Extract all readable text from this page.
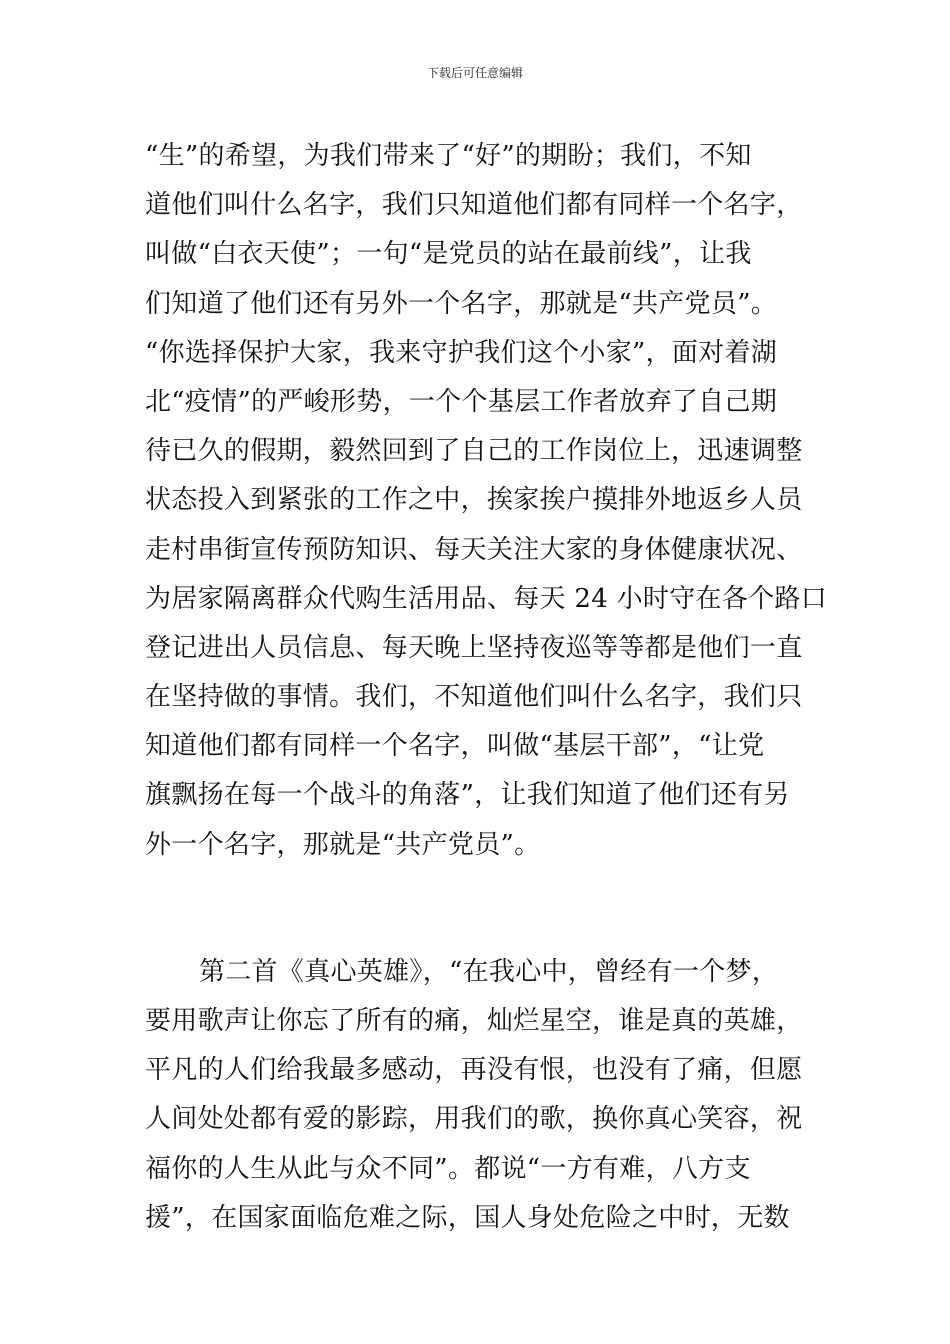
下载后可任意编辑
“生”的希望，为我们带来了“好”的期盼；我们，不知
道他们叫什么名字，我们只知道他们都有同样一个名字，
叫做“白衣天使”；一句“是党员的站在最前线”，让我
们知道了他们还有另外一个名字，那就是“共产党员”。
“你选择保护大家，我来守护我们这个小家”，面对着湖
北“疫情”的严峻形势，一个个基层工作者放弃了自己期
待已久的假期，毅然回到了自己的工作岗位上，迅速调整
状态投入到紧张的工作之中，挨家挨户摸排外地返乡人员
走村串街宣传预防知识、每天关注大家的身体健康状况、
为居家隔离群众代购生活用品、每天 24 小时守在各个路口
登记进出人员信息、每天晚上坚持夜巡等等都是他们一直
在坚持做的事情。我们，不知道他们叫什么名字，我们只
知道他们都有同样一个名字，叫做“基层干部”，“让党
旗飘扬在每一个战斗的角落”，让我们知道了他们还有另
外一个名字，那就是“共产党员”。
第二首《真心英雄》，“在我心中，曾经有一个梦，
要用歌声让你忘了所有的痛，灿烂星空，谁是真的英雄，
平凡的人们给我最多感动，再没有恨，也没有了痛，但愿
人间处处都有爱的影踪，用我们的歌，换你真心笑容，祝
福你的人生从此与众不同”。都说“一方有难，八方支
援”，在国家面临危难之际，国人身处危险之中时，无数
